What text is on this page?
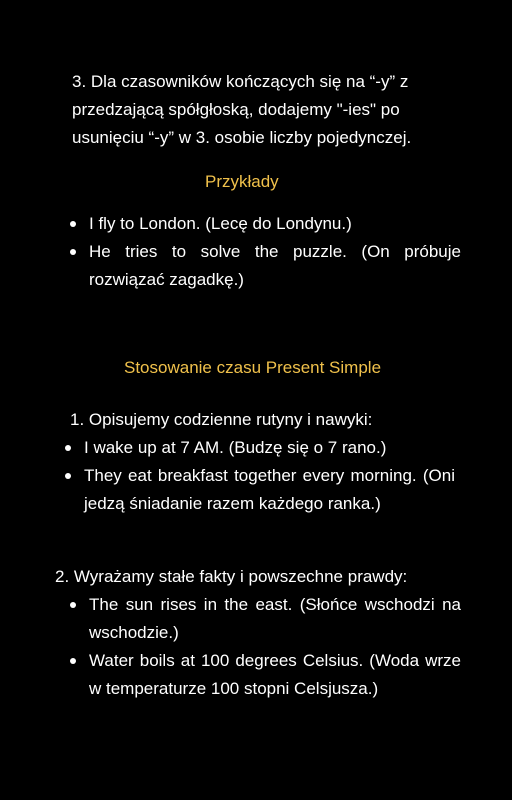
3. Dla czasowników kończących się na “-y” z
przedzającą spółgłoską, dodajemy "-ies" po
usunięciu “-y” w 3. osobie liczby pojedynczej.
Przykłady
I fly to London. (Lecę do Londynu.)
He tries to solve the puzzle. (On próbuje rozwiązać zagadkę.)
Stosowanie czasu Present Simple
1. Opisujemy codzienne rutyny i nawyki:
I wake up at 7 AM. (Budzę się o 7 rano.)
They eat breakfast together every morning. (Oni jedzą śniadanie razem każdego ranka.)
2. Wyrażamy stałe fakty i powszechne prawdy:
The sun rises in the east. (Słońce wschodzi na wschodzie.)
Water boils at 100 degrees Celsius. (Woda wrze w temperaturze 100 stopni Celsjusza.)
